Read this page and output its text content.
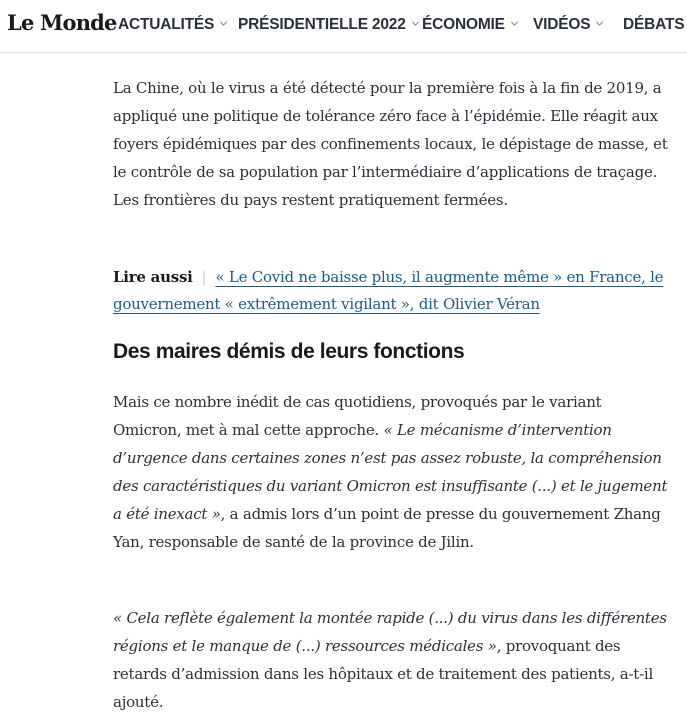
Le Monde ACTUALITÉS	PRÉSIDENTIELLE 2022	ÉCONOMIE	VIDÉOS	DÉBATS

La Chine, où le virus a été détecté pour la première fois à la fin de 2019, a appliqué une politique de tolérance zéro face à l’épidémie. Elle réagit aux foyers épidémiques par des confinements locaux, le dépistage de masse, et le contrôle de sa population par l’intermédiaire d’applications de traçage. Les frontières du pays restent pratiquement fermées.

Lire aussi | « Le Covid ne baisse plus, il augmente même » en France, le gouvernement « extrêmement vigilant », dit Olivier Véran
Des maires démis de leurs fonctions

Mais ce nombre inédit de cas quotidiens, provoqués par le variant Omicron, met à mal cette approche. « Le mécanisme d’intervention d’urgence dans certaines zones n’est pas assez robuste, la compréhension des caractéristiques du variant Omicron est insuffisante (...) et le jugement a été inexact », a admis lors d’un point de presse du gouvernement Zhang Yan, responsable de santé de la province de Jilin.

« Cela reflète également la montée rapide (...) du virus dans les différentes régions et le manque de (...) ressources médicales », provoquant des retards d’admission dans les hôpitaux et de traitement des patients, a-t-il ajouté.
